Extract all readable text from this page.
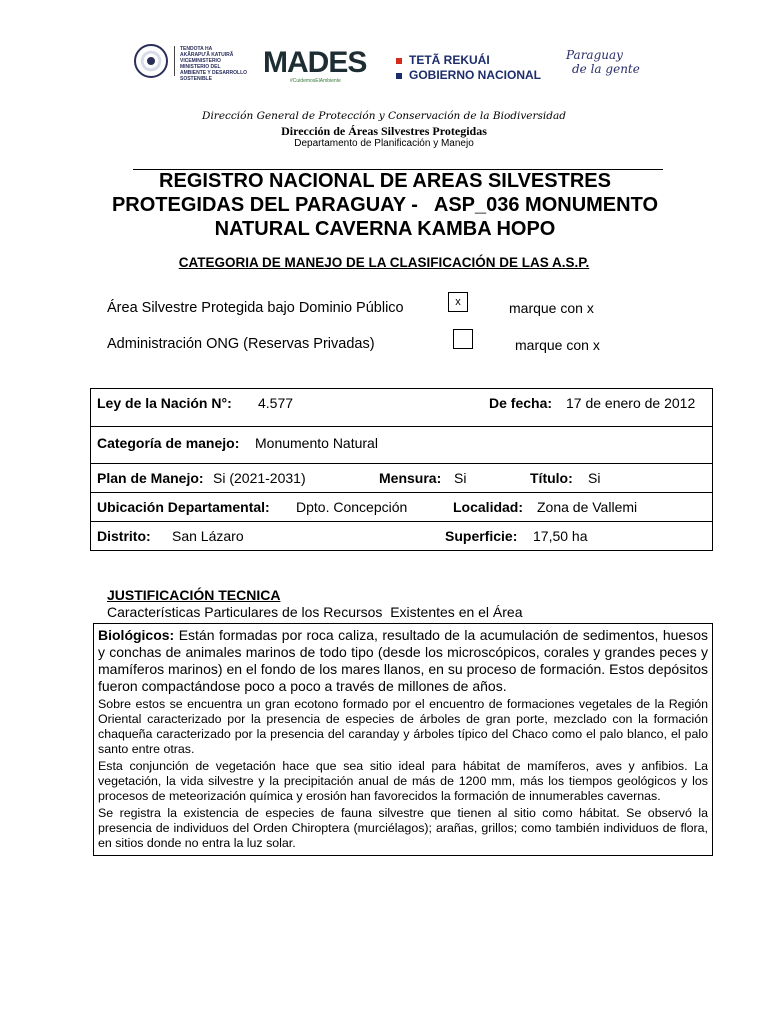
TENDOTA HA
AKÃRAPU'Ã KATUIRÃ
VICEMINISTERIO
MINISTERIO DEL
AMBIENTE Y DESARROLLO
SOSTENIBLE	MADES
#CuidemosElAmbiente
TETÃ REKUÁI
GOBIERNO NACIONAL
Paraguay
de la gente
Dirección General de Protección y Conservación de la Biodiversidad
Dirección de Áreas Silvestres Protegidas
Departamento de Planificación y Manejo
REGISTRO NACIONAL DE AREAS SILVESTRES
PROTEGIDAS DEL PARAGUAY -   ASP_036 MONUMENTO
NATURAL CAVERNA KAMBA HOPO
CATEGORIA DE MANEJO DE LA CLASIFICACIÓN DE LAS A.S.P.
Área Silvestre Protegida bajo Dominio Público	x	marque con x
Administración ONG (Reservas Privadas)	marque con x
Ley de la Nación N°: 4.577	De fecha: 17 de enero de 2012
Categoría de manejo: Monumento Natural
Plan de Manejo: Si (2021-2031)	Mensura: Si	Título: Si
Ubicación Departamental: Dpto. Concepción	Localidad: Zona de Vallemi
Distrito: San Lázaro	Superficie: 17,50 ha
JUSTIFICACIÓN TECNICA
Características Particulares de los Recursos  Existentes en el Área

Biológicos: Están formadas por roca caliza, resultado de la acumulación de sedimentos, huesos y conchas de animales marinos de todo tipo (desde los microscópicos, corales y grandes peces y mamíferos marinos) en el fondo de los mares llanos, en su proceso de formación. Estos depósitos fueron compactándose poco a poco a través de millones de años.

Sobre estos se encuentra un gran ecotono formado por el encuentro de formaciones vegetales de la Región Oriental caracterizado por la presencia de especies de árboles de gran porte, mezclado con la formación chaqueña caracterizado por la presencia del caranday y árboles típico del Chaco como el palo blanco, el palo santo entre otras.

Esta conjunción de vegetación hace que sea sitio ideal para hábitat de mamíferos, aves y anfibios. La vegetación, la vida silvestre y la precipitación anual de más de 1200 mm, más los tiempos geológicos y los procesos de meteorización química y erosión han favorecidos la formación de innumerables cavernas.

Se registra la existencia de especies de fauna silvestre que tienen al sitio como hábitat. Se observó la presencia de individuos del Orden Chiroptera (murciélagos); arañas, grillos; como también individuos de flora, en sitios donde no entra la luz solar.
